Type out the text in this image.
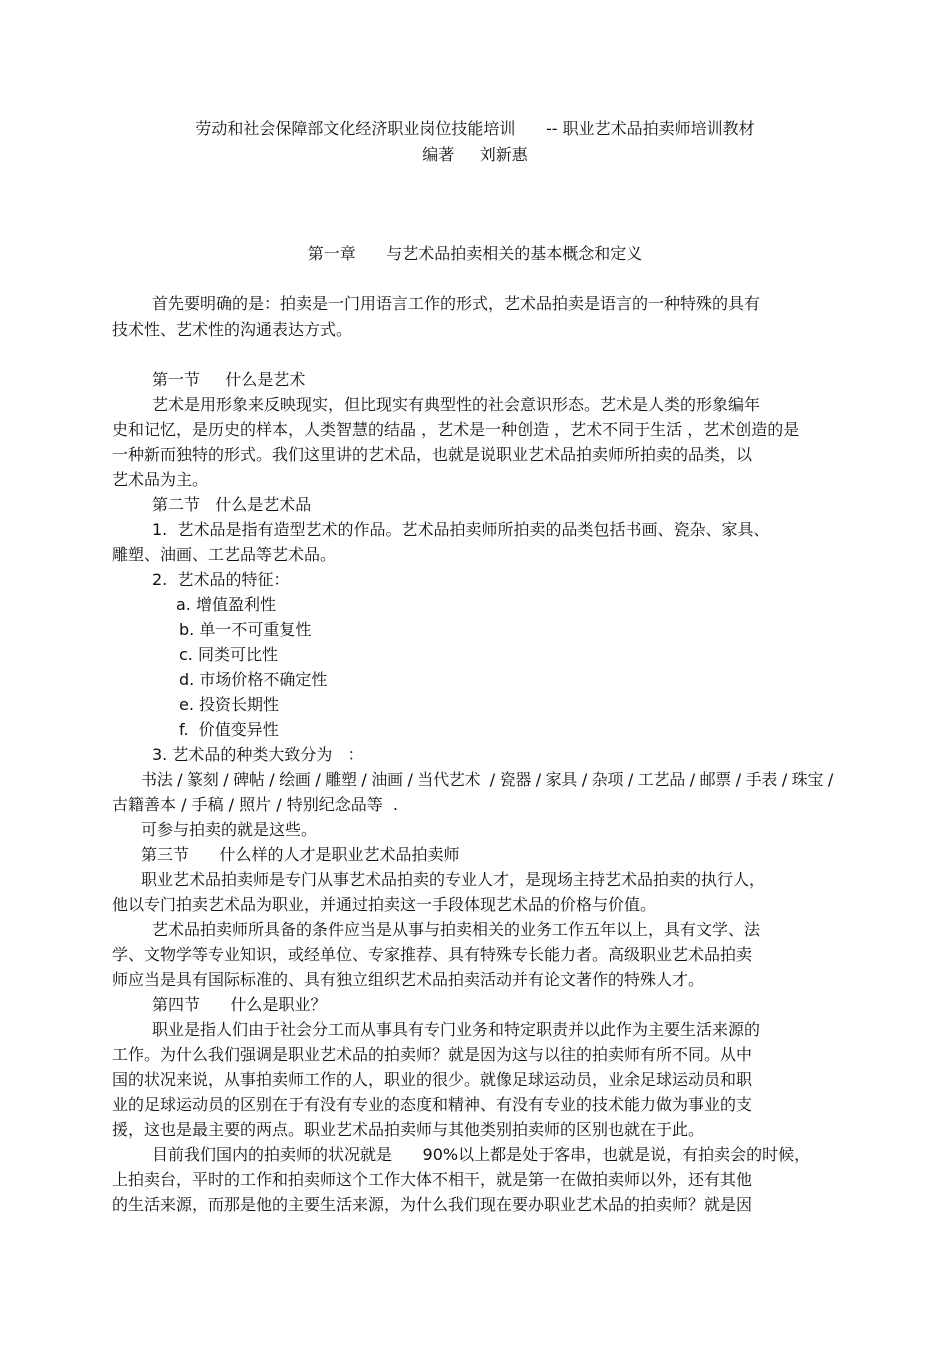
劳动和社会保障部文化经济职业岗位技能培训      -- 职业艺术品拍卖师培训教材

编著     刘新惠

第一章      与艺术品拍卖相关的基本概念和定义

首先要明确的是：拍卖是一门用语言工作的形式，艺术品拍卖是语言的一种特殊的具有

技术性、艺术性的沟通表达方式。

第一节     什么是艺术

艺术是用形象来反映现实，但比现实有典型性的社会意识形态。艺术是人类的形象编年

史和记忆，是历史的样本，人类智慧的结晶 ，艺术是一种创造 ，艺术不同于生活 ，艺术创造的是

一种新而独特的形式。我们这里讲的艺术品，也就是说职业艺术品拍卖师所拍卖的品类，以

艺术品为主。

第二节   什么是艺术品

1.  艺术品是指有造型艺术的作品。艺术品拍卖师所拍卖的品类包括书画、瓷杂、家具、

雕塑、油画、工艺品等艺术品。

2.  艺术品的特征：

a. 增值盈利性

b. 单一不可重复性

c. 同类可比性

d. 市场价格不确定性

e. 投资长期性

f.  价值变异性

3. 艺术品的种类大致分为   ：

书法 / 篆刻 / 碑帖 / 绘画 / 雕塑 / 油画 / 当代艺术  / 瓷器 / 家具 / 杂项 / 工艺品 / 邮票 / 手表 / 珠宝 /

古籍善本 / 手稿 / 照片 / 特别纪念品等  .

可参与拍卖的就是这些。

第三节      什么样的人才是职业艺术品拍卖师

职业艺术品拍卖师是专门从事艺术品拍卖的专业人才，是现场主持艺术品拍卖的执行人，

他以专门拍卖艺术品为职业，并通过拍卖这一手段体现艺术品的价格与价值。

艺术品拍卖师所具备的条件应当是从事与拍卖相关的业务工作五年以上，具有文学、法

学、文物学等专业知识，或经单位、专家推荐、具有特殊专长能力者。高级职业艺术品拍卖

师应当是具有国际标准的、具有独立组织艺术品拍卖活动并有论文著作的特殊人才。

第四节      什么是职业？

职业是指人们由于社会分工而从事具有专门业务和特定职责并以此作为主要生活来源的

工作。为什么我们强调是职业艺术品的拍卖师？就是因为这与以往的拍卖师有所不同。从中

国的状况来说，从事拍卖师工作的人，职业的很少。就像足球运动员，业余足球运动员和职

业的足球运动员的区别在于有没有专业的态度和精神、有没有专业的技术能力做为事业的支

援，这也是最主要的两点。职业艺术品拍卖师与其他类别拍卖师的区别也就在于此。

目前我们国内的拍卖师的状况就是      90%以上都是处于客串，也就是说，有拍卖会的时候，

上拍卖台，平时的工作和拍卖师这个工作大体不相干，就是第一在做拍卖师以外，还有其他

的生活来源，而那是他的主要生活来源，为什么我们现在要办职业艺术品的拍卖师？就是因
